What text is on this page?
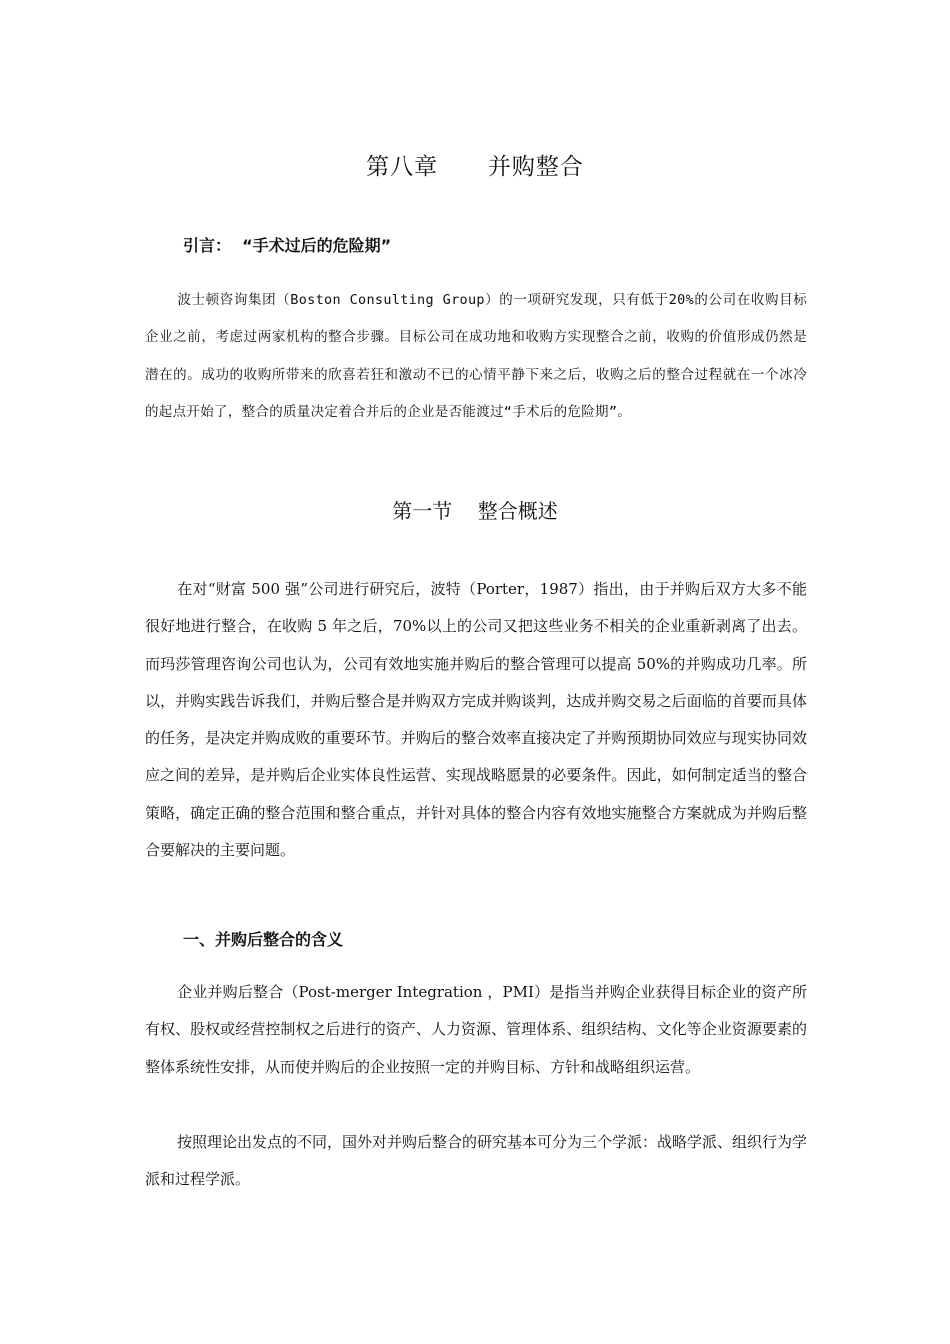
第八章      并购整合
引言：  “手术过后的危险期”
波士顿咨询集团（Boston Consulting Group）的一项研究发现，只有低于20%的公司在收购目标企业之前，考虑过两家机构的整合步骤。目标公司在成功地和收购方实现整合之前，收购的价值形成仍然是潜在的。成功的收购所带来的欣喜若狂和激动不已的心情平静下来之后，收购之后的整合过程就在一个冰冷的起点开始了，整合的质量决定着合并后的企业是否能渡过“手术后的危险期”。
第一节    整合概述
在对“财富 500 强”公司进行研究后，波特（Porter，1987）指出，由于并购后双方大多不能很好地进行整合，在收购 5 年之后，70%以上的公司又把这些业务不相关的企业重新剥离了出去。而玛莎管理咨询公司也认为，公司有效地实施并购后的整合管理可以提高 50%的并购成功几率。所以，并购实践告诉我们，并购后整合是并购双方完成并购谈判，达成并购交易之后面临的首要而具体的任务，是决定并购成败的重要环节。并购后的整合效率直接决定了并购预期协同效应与现实协同效应之间的差异，是并购后企业实体良性运营、实现战略愿景的必要条件。因此，如何制定适当的整合策略，确定正确的整合范围和整合重点，并针对具体的整合内容有效地实施整合方案就成为并购后整合要解决的主要问题。
一、并购后整合的含义
企业并购后整合（Post-merger Integration ，PMI）是指当并购企业获得目标企业的资产所有权、股权或经营控制权之后进行的资产、人力资源、管理体系、组织结构、文化等企业资源要素的整体系统性安排，从而使并购后的企业按照一定的并购目标、方针和战略组织运营。
按照理论出发点的不同，国外对并购后整合的研究基本可分为三个学派：战略学派、组织行为学派和过程学派。
